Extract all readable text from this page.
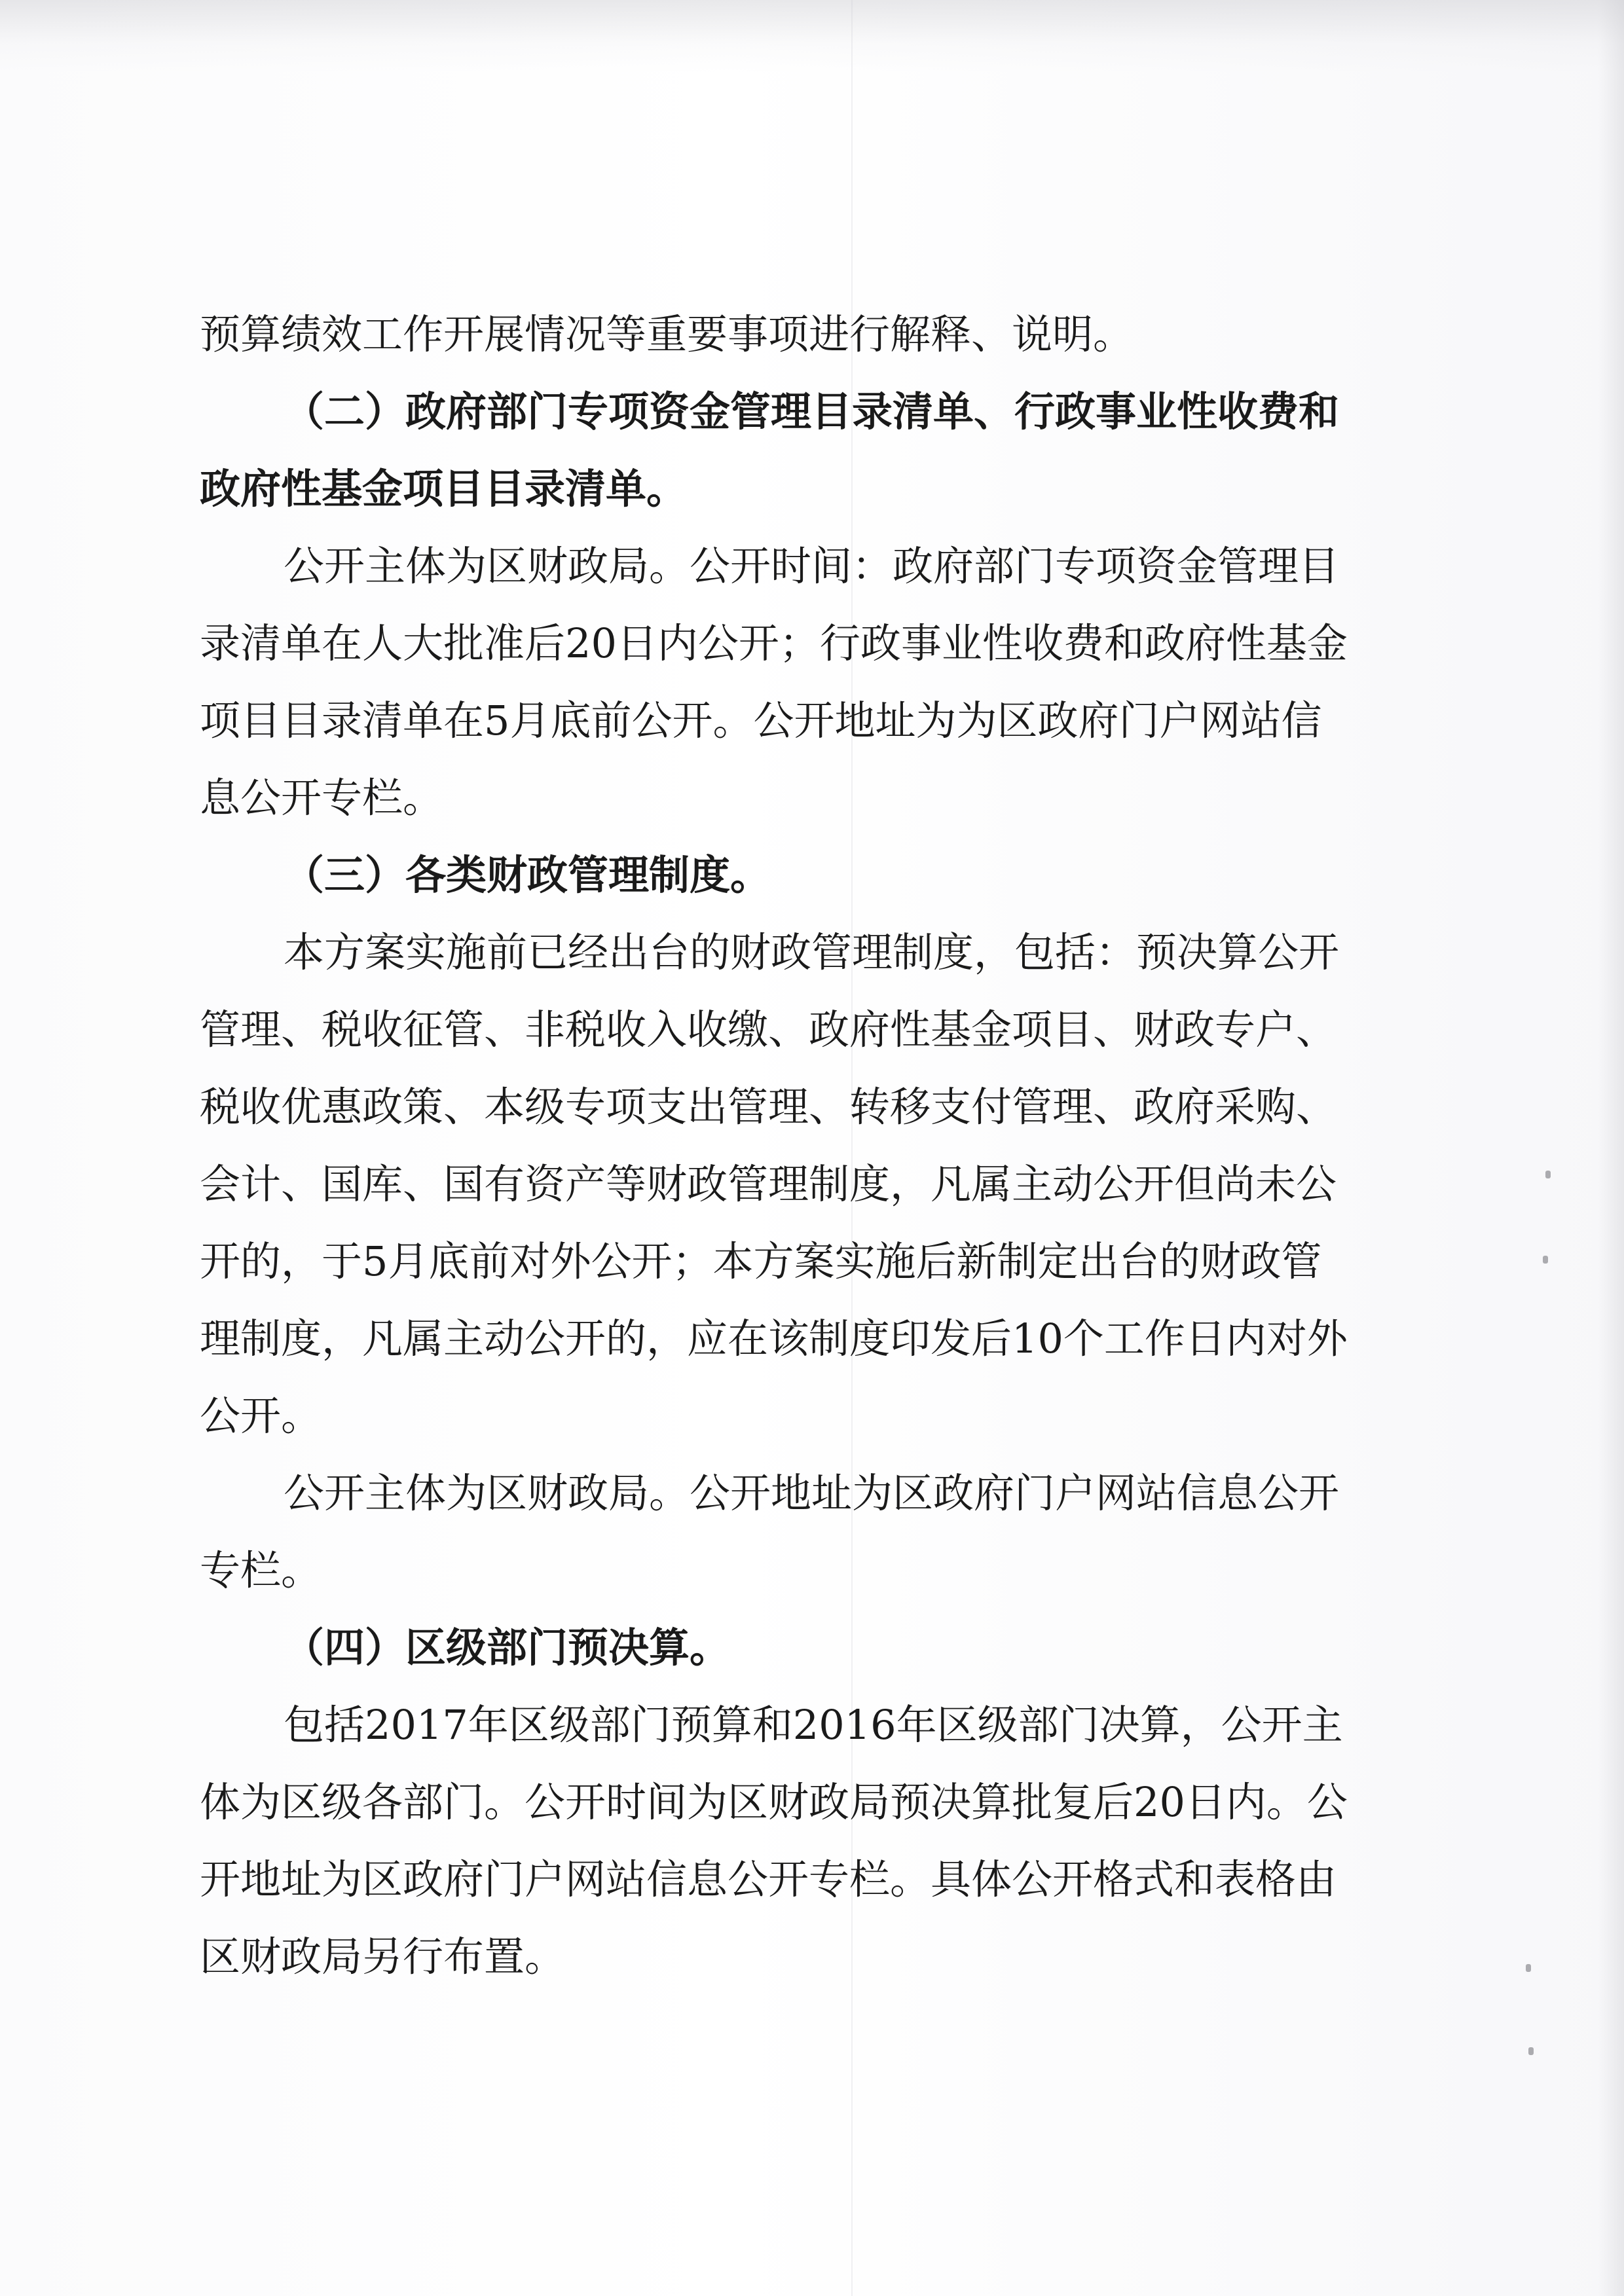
预算绩效工作开展情况等重要事项进行解释、说明。
（二）政府部门专项资金管理目录清单、行政事业性收费和
政府性基金项目目录清单。
公开主体为区财政局。公开时间：政府部门专项资金管理目
录清单在人大批准后20日内公开；行政事业性收费和政府性基金
项目目录清单在5月底前公开。公开地址为为区政府门户网站信
息公开专栏。
（三）各类财政管理制度。
本方案实施前已经出台的财政管理制度，包括：预决算公开
管理、税收征管、非税收入收缴、政府性基金项目、财政专户、
税收优惠政策、本级专项支出管理、转移支付管理、政府采购、
会计、国库、国有资产等财政管理制度，凡属主动公开但尚未公
开的，于5月底前对外公开；本方案实施后新制定出台的财政管
理制度，凡属主动公开的，应在该制度印发后10个工作日内对外
公开。
公开主体为区财政局。公开地址为区政府门户网站信息公开
专栏。
（四）区级部门预决算。
包括2017年区级部门预算和2016年区级部门决算，公开主
体为区级各部门。公开时间为区财政局预决算批复后20日内。公
开地址为区政府门户网站信息公开专栏。具体公开格式和表格由
区财政局另行布置。
